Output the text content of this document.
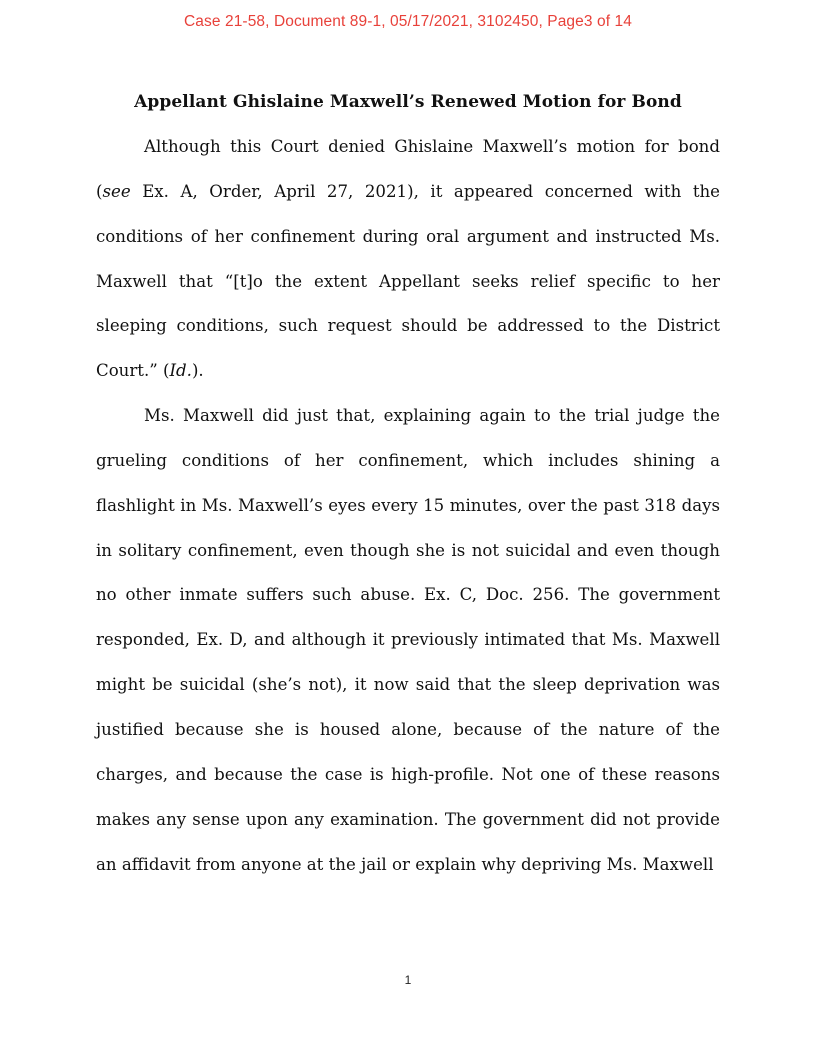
Case 21-58, Document 89-1, 05/17/2021, 3102450, Page3 of 14
Appellant Ghislaine Maxwell’s Renewed Motion for Bond

Although this Court denied Ghislaine Maxwell’s motion for bond (see Ex. A, Order, April 27, 2021), it appeared concerned with the conditions of her confinement during oral argument and instructed Ms. Maxwell that “[t]o the extent Appellant seeks relief specific to her sleeping conditions, such request should be addressed to the District Court.” (Id.).

Ms. Maxwell did just that, explaining again to the trial judge the grueling conditions of her confinement, which includes shining a flashlight in Ms. Maxwell’s eyes every 15 minutes, over the past 318 days in solitary confinement, even though she is not suicidal and even though no other inmate suffers such abuse. Ex. C, Doc. 256. The government responded, Ex. D, and although it previously intimated that Ms. Maxwell might be suicidal (she’s not), it now said that the sleep deprivation was justified because she is housed alone, because of the nature of the charges, and because the case is high-profile. Not one of these reasons makes any sense upon any examination. The government did not provide an affidavit from anyone at the jail or explain why depriving Ms. Maxwell

1
